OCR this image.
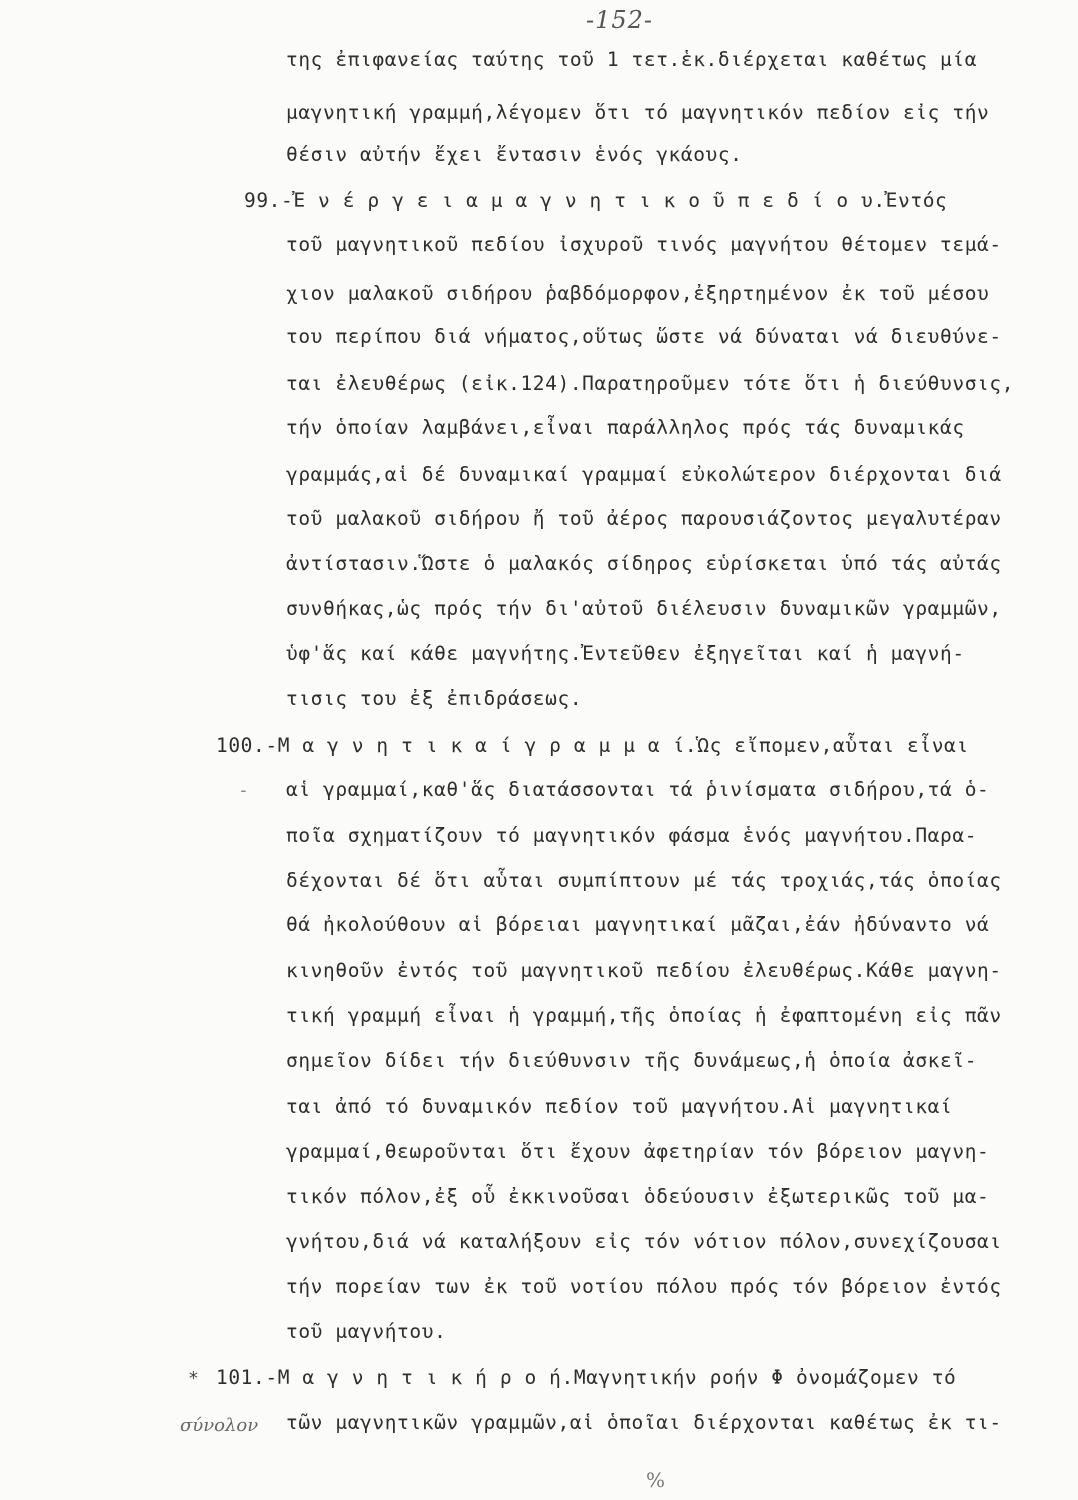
-152-
της ἐπιφανείας ταύτης τοῦ 1 τετ.ἑκ.διέρχεται καθέτως μία
μαγνητική γραμμή,λέγομεν ὅτι τό μαγνητικόν πεδίον εἰς τήν
θέσιν αὐτήν ἔχει ἔντασιν ἑνός γκάους.
99.-Ἐ ν έ ρ γ ε ι α μ α γ ν η τ ι κ ο ῦ π ε δ ί ο υ.Ἐντός
τοῦ μαγνητικοῦ πεδίου ἰσχυροῦ τινός μαγνήτου θέτομεν τεμά-
χιον μαλακοῦ σιδήρου ῥαβδόμορφον,ἐξηρτημένον ἐκ τοῦ μέσου
του περίπου διά νήματος,οὕτως ὥστε νά δύναται νά διευθύνε-
ται ἐλευθέρως (εἰκ.124).Παρατηροῦμεν τότε ὅτι ἡ διεύθυνσις,
τήν ὁποίαν λαμβάνει,εἶναι παράλληλος πρός τάς δυναμικάς
γραμμάς,αἱ δέ δυναμικαί γραμμαί εὐκολώτερον διέρχονται διά
τοῦ μαλακοῦ σιδήρου ἤ τοῦ ἀέρος παρουσιάζοντος μεγαλυτέραν
ἀντίστασιν.Ὥστε ὁ μαλακός σίδηρος εὑρίσκεται ὑπό τάς αὐτάς
συνθήκας,ὡς πρός τήν δι'αὐτοῦ διέλευσιν δυναμικῶν γραμμῶν,
ὑφ'ἅς καί κάθε μαγνήτης.Ἐντεῦθεν ἐξηγεῖται καί ἡ μαγνή-
τισις του ἐξ ἐπιδράσεως.
100.-Μ α γ ν η τ ι κ α ί γ ρ α μ μ α ί.Ὡς εἴπομεν,αὗται εἶναι
αἱ γραμμαί,καθ'ἅς διατάσσονται τά ῥινίσματα σιδήρου,τά ὁ-
ποῖα σχηματίζουν τό μαγνητικόν φάσμα ἑνός μαγνήτου.Παρα-
δέχονται δέ ὅτι αὗται συμπίπτουν μέ τάς τροχιάς,τάς ὁποίας
θά ἠκολούθουν αἱ βόρειαι μαγνητικαί μᾶζαι,ἐάν ἠδύναντο νά
κινηθοῦν ἐντός τοῦ μαγνητικοῦ πεδίου ἐλευθέρως.Κάθε μαγνη-
τική γραμμή εἶναι ἡ γραμμή,τῆς ὁποίας ἡ ἐφαπτομένη εἰς πᾶν
σημεῖον δίδει τήν διεύθυνσιν τῆς δυνάμεως,ἡ ὁποία ἀσκεῖ-
ται ἀπό τό δυναμικόν πεδίον τοῦ μαγνήτου.Αἱ μαγνητικαί
γραμμαί,θεωροῦνται ὅτι ἔχουν ἀφετηρίαν τόν βόρειον μαγνη-
τικόν πόλον,ἐξ οὗ ἐκκινοῦσαι ὁδεύουσιν ἐξωτερικῶς τοῦ μα-
γνήτου,διά νά καταλήξουν εἰς τόν νότιον πόλον,συνεχίζουσαι
τήν πορείαν των ἐκ τοῦ νοτίου πόλου πρός τόν βόρειον ἐντός
τοῦ μαγνήτου.
101.-Μ α γ ν η τ ι κ ή ρ ο ή.Μαγνητικήν ροήν Φ ὀνομάζομεν τό
τῶν μαγνητικῶν γραμμῶν,αἱ ὁποῖαι διέρχονται καθέτως ἐκ τι-
*
-
σύνολον
%
